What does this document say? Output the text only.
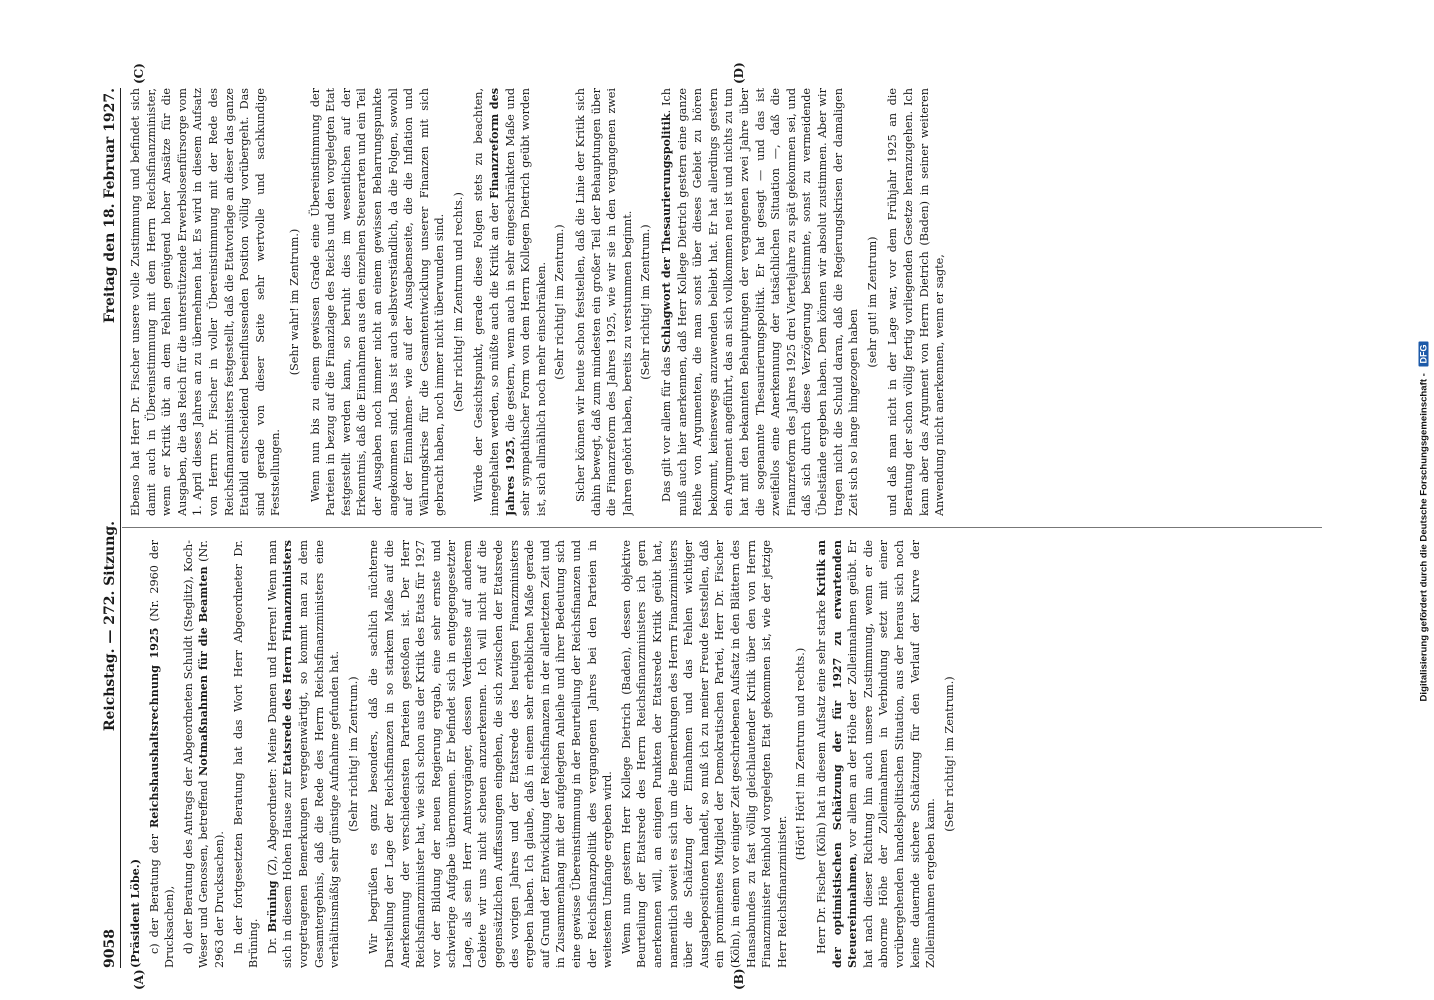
9058
Reichstag. — 272. Sitzung.
Freitag den 18. Februar 1927.
(A)	(B)
(C)	(D)

(Präsident Löbe.) c) der Beratung der Reichshaushaltsrechnung 1925 (Nr. 2960 der Drucksachen), d) der Beratung des Antrags der Abgeordneten Schuldt (Steglitz), Koch-Weser und Genossen, betreffend Notmaßnahmen für die Beamten (Nr. 2963 der Drucksachen). In der fortgesetzten Beratung hat das Wort Herr Abgeordneter Dr. Brüning. Dr. Brüning (Z), Abgeordneter: Meine Damen und Herren! Wenn man sich in diesem Hohen Hause zur Etatsrede des Herrn Finanzministers vorgetragenen Bemerkungen vergegenwärtigt, so kommt man zu dem Gesamtergebnis, daß die Rede des Herrn Reichsfinanzministers eine verhältnismäßig sehr günstige Aufnahme gefunden hat. (Sehr richtig! im Zentrum.) Wir begrüßen es ganz besonders, daß die sachlich nüchterne Darstellung der Lage der Reichsfinanzen in so starkem Maße auf die Anerkennung der verschiedensten Parteien gestoßen ist. Der Herr Reichsfinanzminister hat, wie sich schon aus der Kritik des Etats für 1927 vor der Bildung der neuen Regierung ergab, eine sehr ernste und schwierige Aufgabe übernommen. Er befindet sich in entgegengesetzter Lage, als sein Herr Amtsvorgänger, dessen Verdienste auf anderem Gebiete wir uns nicht scheuen anzuerkennen. Ich will nicht auf die gegensätzlichen Auffassungen eingehen, die sich zwischen der Etatsrede des vorigen Jahres und der Etatsrede des heutigen Finanzministers ergeben haben. Ich glaube, daß in einem sehr erheblichen Maße gerade auf Grund der Entwicklung der Reichsfinanzen in der allerletzten Zeit und in Zusammenhang mit der aufgelegten Anleihe und ihrer Bedeutung sich eine gewisse Übereinstimmung in der Beurteilung der Reichsfinanzen und der Reichsfinanzpolitik des vergangenen Jahres bei den Parteien in weitestem Umfange ergeben wird. Wenn nun gestern Herr Kollege Dietrich (Baden), dessen objektive Beurteilung der Etatsrede des Herrn Reichsfinanzministers ich gern anerkennen will, an einigen Punkten der Etatsrede Kritik geübt hat, namentlich soweit es sich um die Bemerkungen des Herrn Finanzministers über die Schätzung der Einnahmen und das Fehlen wichtiger Ausgabepositionen handelt, so muß ich zu meiner Freude feststellen, daß ein prominentes Mitglied der Demokratischen Partei, Herr Dr. Fischer (Köln), in einem vor einiger Zeit geschriebenen Aufsatz in den Blättern des Hansabundes zu fast völlig gleichlautender Kritik über den von Herrn Finanzminister Reinhold vorgelegten Etat gekommen ist, wie der jetzige Herr Reichsfinanzminister.

(Hört! Hört! im Zentrum und rechts.) Herr Dr. Fischer (Köln) hat in diesem Aufsatz eine sehr starke Kritik an der optimistischen Schätzung der für 1927 zu erwartenden Steuereinnahmen, vor allem an der Höhe der Zolleinnahmen geübt. Er hat nach dieser Richtung hin auch unsere Zustimmung, wenn er die abnorme Höhe der Zolleinnahmen in Verbindung setzt mit einer vorübergehenden handelspolitischen Situation, aus der heraus sich noch keine dauernde sichere Schätzung für den Verlauf der Kurve der Zolleinnahmen ergeben kann.

(Sehr richtig! im Zentrum.)

Ebenso hat Herr Dr. Fischer unsere volle Zustimmung und befindet sich damit auch in Übereinstimmung mit dem Herrn Reichsfinanzminister, wenn er Kritik übt an dem Fehlen genügend hoher Ansätze für die Ausgaben, die das Reich für die unterstützende Erwerbslosenfürsorge vom 1. April dieses Jahres an zu übernehmen hat. Es wird in diesem Aufsatz von Herrn Dr. Fischer in voller Übereinstimmung mit der Rede des Reichsfinanzministers festgestellt, daß die Etatvorlage an dieser das ganze Etatbild entscheidend beeinflussenden Position völlig vorübergeht. Das sind gerade von dieser Seite sehr wertvolle und sachkundige Feststellungen.

(Sehr wahr! im Zentrum.) Wenn nun bis zu einem gewissen Grade eine Übereinstimmung der Parteien in bezug auf die Finanzlage des Reichs und den vorgelegten Etat festgestellt werden kann, so beruht dies im wesentlichen auf der Erkenntnis, daß die Einnahmen aus den einzelnen Steuerarten und ein Teil der Ausgaben noch immer nicht an einem gewissen Beharrungspunkte angekommen sind. Das ist auch selbstverständlich, da die Folgen, sowohl auf der Einnahmen- wie auf der Ausgabenseite, die die Inflation und Währungskrise für die Gesamtentwicklung unserer Finanzen mit sich gebracht haben, noch immer nicht überwunden sind. (Sehr richtig! im Zentrum und rechts.) Würde der Gesichtspunkt, gerade diese Folgen stets zu beachten, innegehalten werden, so müßte auch die Kritik an der Finanzreform des Jahres 1925, die gestern, wenn auch in sehr eingeschränkten Maße und sehr sympathischer Form von dem Herrn Kollegen Dietrich geübt worden ist, sich allmählich noch mehr einschränken. (Sehr richtig! im Zentrum.) Sicher können wir heute schon feststellen, daß die Linie der Kritik sich dahin bewegt, daß zum mindesten ein großer Teil der Behauptungen über die Finanzreform des Jahres 1925, wie wir sie in den vergangenen zwei Jahren gehört haben, bereits zu verstummen beginnt. (Sehr richtig! im Zentrum.)

Das gilt vor allem für das Schlagwort der Thesaurierungspolitik. Ich muß auch hier anerkennen, daß Herr Kollege Dietrich gestern eine ganze Reihe von Argumenten, die man sonst über dieses Gebiet zu hören bekommt, keineswegs anzuwenden beliebt hat. Er hat allerdings gestern ein Argument angeführt, das an sich vollkommen neu ist und nichts zu tun hat mit den bekannten Behauptungen der vergangenen zwei Jahre über die sogenannte Thesaurierungspolitik. Er hat gesagt — und das ist zweifellos eine Anerkennung der tatsächlichen Situation —, daß die Finanzreform des Jahres 1925 drei Vierteljahre zu spät gekommen sei, und daß sich durch diese Verzögerung bestimmte, sonst zu vermeidende Übelstände ergeben haben. Dem können wir absolut zustimmen. Aber wir tragen nicht die Schuld daran, daß die Regierungskrisen der damaligen Zeit sich so lange hingezogen haben

(sehr gut! im Zentrum) und daß man nicht in der Lage war, vor dem Frühjahr 1925 an die Beratung der schon völlig fertig vorliegenden Gesetze heranzugehen. Ich kann aber das Argument von Herrn Dietrich (Baden) in seiner weiteren Anwendung nicht anerkennen, wenn er sagte,	Digitalisierung gefördert durch die Deutsche Forschungsgemeinschaft - DFG
